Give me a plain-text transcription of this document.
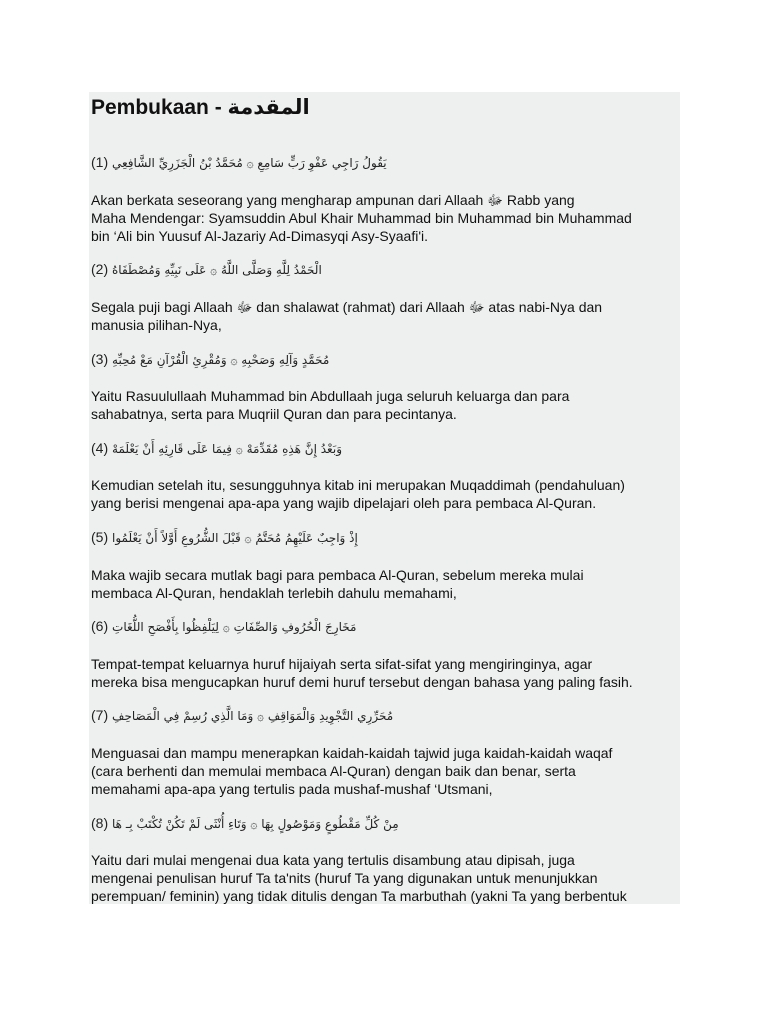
Pembukaan - المقدمة
(1) يَقُولُ رَاجِي عَفْوِ رَبٍّ سَامِعِ ۞ مُحَمَّدُ بْنُ الْجَزَرِيِّ الشَّافِعِي
Akan berkata seseorang yang mengharap ampunan dari Allaah ﷻ Rabb yang
Maha Mendengar: Syamsuddin Abul Khair Muhammad bin Muhammad bin Muhammad
bin ‘Ali bin Yuusuf Al-Jazariy Ad-Dimasyqi Asy-Syaafi'i.
(2) الْحَمْدُ لِلَّهِ وَصَلَّى اللَّهُ ۞ عَلَى نَبِيِّهِ وَمُصْطَفَاهُ
Segala puji bagi Allaah ﷻ dan shalawat (rahmat) dari Allaah ﷻ atas nabi-Nya dan
manusia pilihan-Nya,
(3) مُحَمَّدٍ وَآلِهِ وَصَحْبِهِ ۞ وَمُقْرِئِ الْقُرْآنِ مَعْ مُحِبِّهِ
Yaitu Rasuulullaah Muhammad bin Abdullaah juga seluruh keluarga dan para
sahabatnya, serta para Muqriil Quran dan para pecintanya.
(4) وَبَعْدُ إِنَّ هَذِهِ مُقَدِّمَهْ ۞ فِيمَا عَلَى قَارِئِهِ أَنْ يَعْلَمَهْ
Kemudian setelah itu, sesungguhnya kitab ini merupakan Muqaddimah (pendahuluan)
yang berisi mengenai apa-apa yang wajib dipelajari oleh para pembaca Al-Quran.
(5) إِذْ وَاجِبٌ عَلَيْهِمُ مُحَتَّمُ ۞ قَبْلَ الشُّرُوعِ أَوَّلاً أَنْ يَعْلَمُوا
Maka wajib secara mutlak bagi para pembaca Al-Quran, sebelum mereka mulai
membaca Al-Quran, hendaklah terlebih dahulu memahami,
(6) مَخَارِجَ الْحُرُوفِ وَالصِّفَاتِ ۞ لِيَلْفِظُوا بِأَفْصَحِ اللُّغَاتِ
Tempat-tempat keluarnya huruf hijaiyah serta sifat-sifat yang mengiringinya, agar
mereka bisa mengucapkan huruf demi huruf tersebut dengan bahasa yang paling fasih.
(7) مُحَرِّرِي التَّجْوِيدِ وَالْمَوَاقِفِ ۞ وَمَا الَّذِي رُسِمْ فِي الْمَصَاحِفِ
Menguasai dan mampu menerapkan kaidah-kaidah tajwid juga kaidah-kaidah waqaf
(cara berhenti dan memulai membaca Al-Quran) dengan baik dan benar, serta
memahami apa-apa yang tertulis pada mushaf-mushaf ‘Utsmani,
(8) مِنْ كُلِّ مَقْطُوعٍ وَمَوْصُولٍ بِهَا ۞ وَتَاءِ أُنْثَى لَمْ تَكُنْ تُكْتَبْ بِـ هَا
Yaitu dari mulai mengenai dua kata yang tertulis disambung atau dipisah, juga
mengenai penulisan huruf Ta ta'nits (huruf Ta yang digunakan untuk menunjukkan
perempuan/ feminin) yang tidak ditulis dengan Ta marbuthah (yakni Ta yang berbentuk
